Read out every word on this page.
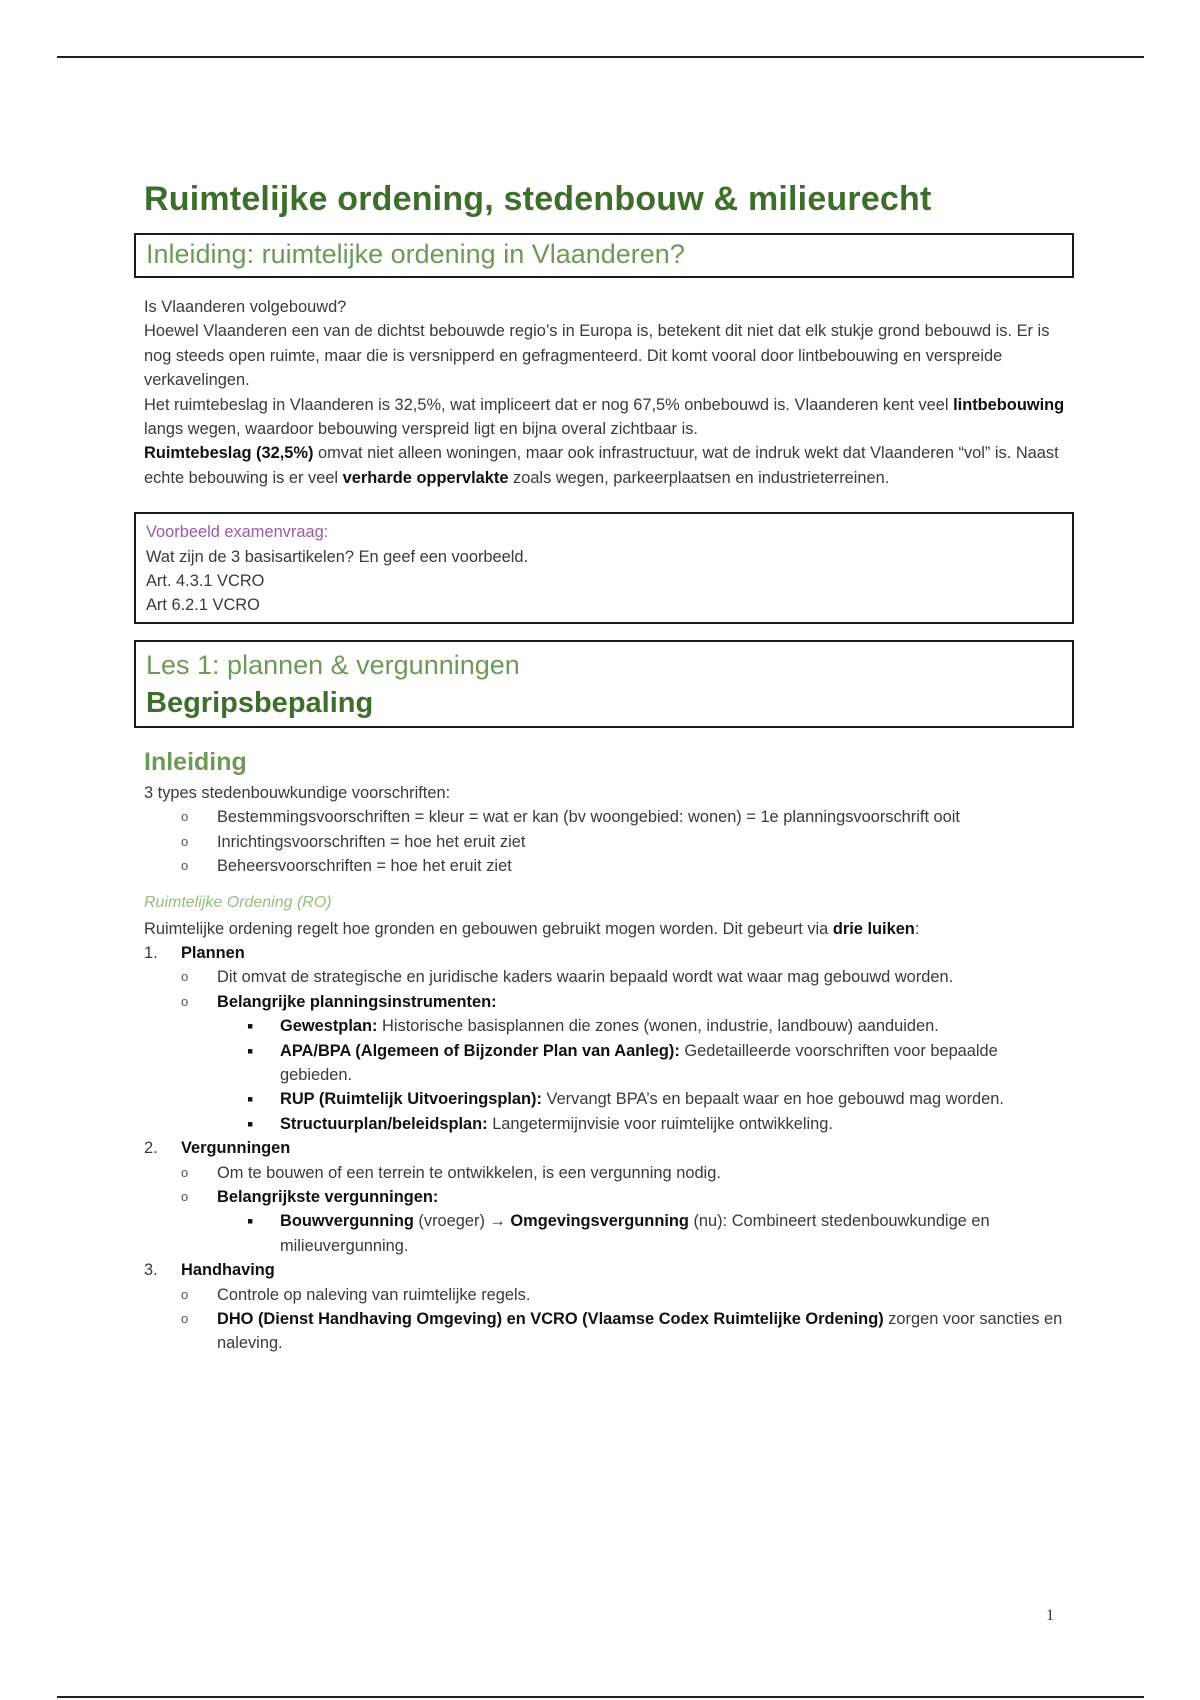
Ruimtelijke ordening, stedenbouw & milieurecht
Inleiding: ruimtelijke ordening in Vlaanderen?

Is Vlaanderen volgebouwd?

Hoewel Vlaanderen een van de dichtst bebouwde regio’s in Europa is, betekent dit niet dat elk stukje grond bebouwd is. Er is nog steeds open ruimte, maar die is versnipperd en gefragmenteerd. Dit komt vooral door lintbebouwing en verspreide verkavelingen.

Het ruimtebeslag in Vlaanderen is 32,5%, wat impliceert dat er nog 67,5% onbebouwd is. Vlaanderen kent veel lintbebouwing langs wegen, waardoor bebouwing verspreid ligt en bijna overal zichtbaar is.

Ruimtebeslag (32,5%) omvat niet alleen woningen, maar ook infrastructuur, wat de indruk wekt dat Vlaanderen “vol” is. Naast echte bebouwing is er veel verharde oppervlakte zoals wegen, parkeerplaatsen en industrieterreinen.

Voorbeeld examenvraag:

Wat zijn de 3 basisartikelen? En geef een voorbeeld.

Art. 4.3.1 VCRO

Art 6.2.1 VCRO

Les 1: plannen & vergunningen
Begripsbepaling
Inleiding

3 types stedenbouwkundige voorschriften:

o Bestemmingsvoorschriften = kleur = wat er kan (bv woongebied: wonen) = 1e planningsvoorschrift ooit
o Inrichtingsvoorschriften = hoe het eruit ziet
o Beheersvoorschriften = hoe het eruit ziet
Ruimtelijke Ordening (RO)

Ruimtelijke ordening regelt hoe gronden en gebouwen gebruikt mogen worden. Dit gebeurt via drie luiken:

1. Plannen
o Dit omvat de strategische en juridische kaders waarin bepaald wordt wat waar mag gebouwd worden.
o Belangrijke planningsinstrumenten:
▪ Gewestplan: Historische basisplannen die zones (wonen, industrie, landbouw) aanduiden.
▪ APA/BPA (Algemeen of Bijzonder Plan van Aanleg): Gedetailleerde voorschriften voor bepaalde gebieden.
▪ RUP (Ruimtelijk Uitvoeringsplan): Vervangt BPA’s en bepaalt waar en hoe gebouwd mag worden.
▪ Structuurplan/beleidsplan: Langetermijnvisie voor ruimtelijke ontwikkeling.
2. Vergunningen
o Om te bouwen of een terrein te ontwikkelen, is een vergunning nodig.
o Belangrijkste vergunningen:
▪ Bouwvergunning (vroeger) → Omgevingsvergunning (nu): Combineert stedenbouwkundige en milieuvergunning.
3. Handhaving
o Controle op naleving van ruimtelijke regels.
o DHO (Dienst Handhaving Omgeving) en VCRO (Vlaamse Codex Ruimtelijke Ordening) zorgen voor sancties en naleving.
1
